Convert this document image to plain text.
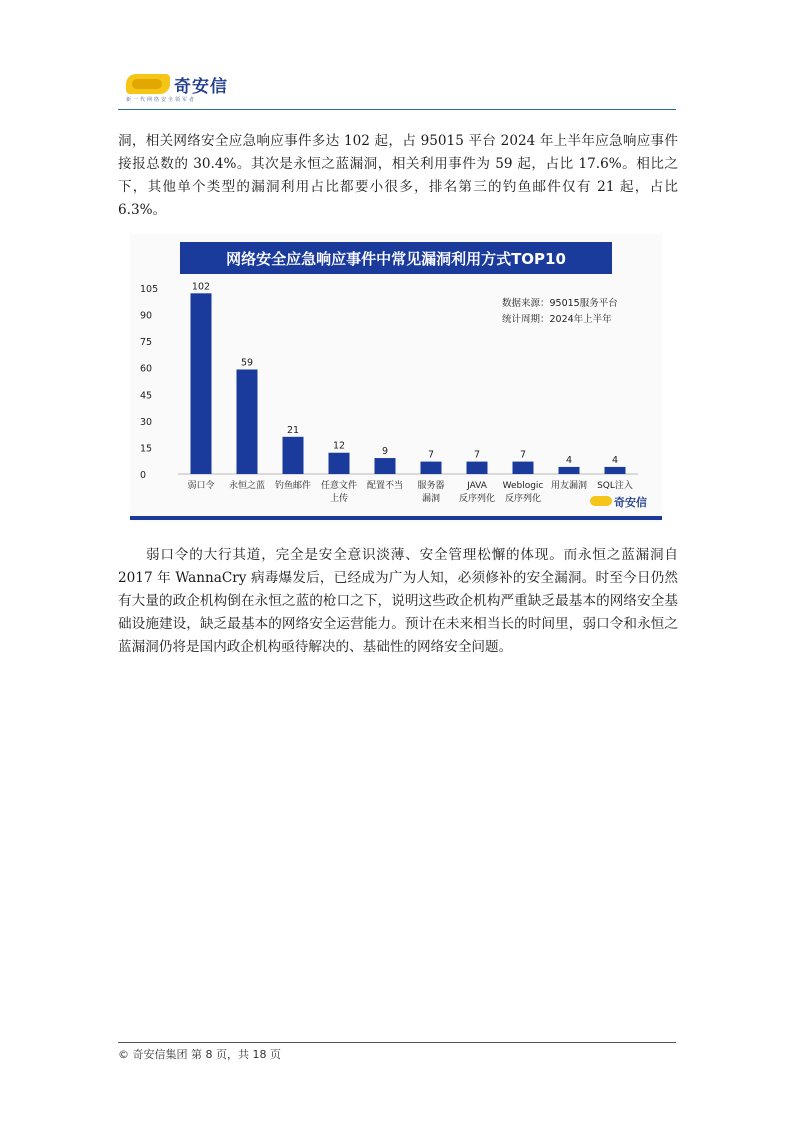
奇安信
新一代网络安全领军者
洞，相关网络安全应急响应事件多达 102 起，占 95015 平台 2024 年上半年应急响应事件接报总数的 30.4%。其次是永恒之蓝漏洞，相关利用事件为 59 起，占比 17.6%。相比之下，其他单个类型的漏洞利用占比都要小很多，排名第三的钓鱼邮件仅有 21 起，占比 6.3%。
网络安全应急响应事件中常见漏洞利用方式TOP10
0
15
30
45
60
75
90
105	102
弱口令
59
永恒之蓝
21
钓鱼邮件
12
任意文件
上传
9
配置不当
7
服务器
漏洞
7
JAVA
反序列化
7
Weblogic
反序列化
4
用友漏洞
4
SQL注入
数据来源：95015服务平台
统计周期：2024年上半年
奇安信
弱口令的大行其道，完全是安全意识淡薄、安全管理松懈的体现。而永恒之蓝漏洞自 2017 年 WannaCry 病毒爆发后，已经成为广为人知，必须修补的安全漏洞。时至今日仍然有大量的政企机构倒在永恒之蓝的枪口之下，说明这些政企机构严重缺乏最基本的网络安全基础设施建设，缺乏最基本的网络安全运营能力。预计在未来相当长的时间里，弱口令和永恒之蓝漏洞仍将是国内政企机构亟待解决的、基础性的网络安全问题。
© 奇安信集团 第 8 页，共 18 页
